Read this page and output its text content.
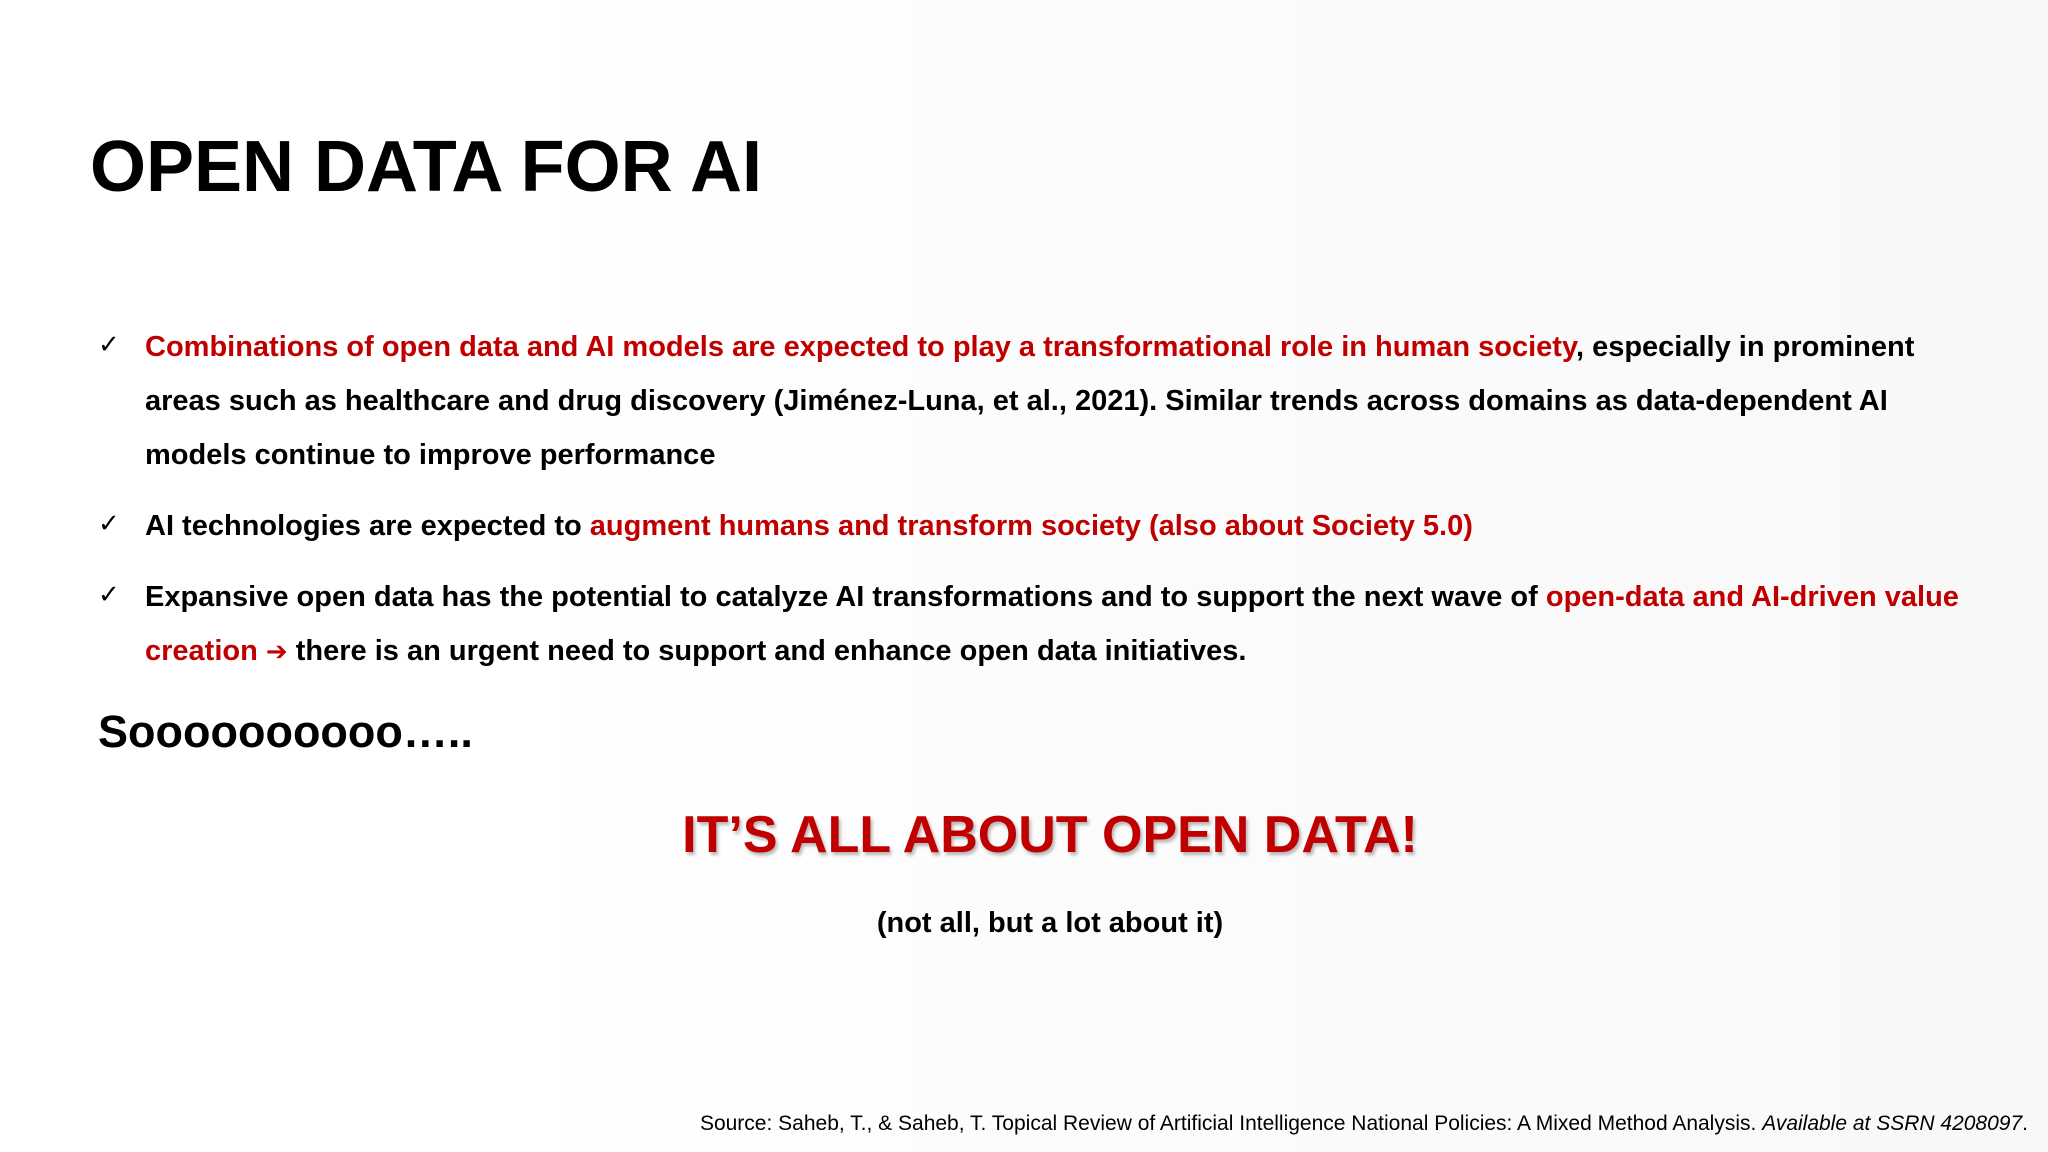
OPEN DATA FOR AI
✓ Combinations of open data and AI models are expected to play a transformational role in human society, especially in prominent areas such as healthcare and drug discovery (Jiménez-Luna, et al., 2021). Similar trends across domains as data-dependent AI models continue to improve performance
✓ AI technologies are expected to augment humans and transform society (also about Society 5.0)
✓ Expansive open data has the potential to catalyze AI transformations and to support the next wave of open-data and AI-driven value creation ➔ there is an urgent need to support and enhance open data initiatives.

Soooooooooo…..

IT’S ALL ABOUT OPEN DATA!

(not all, but a lot about it)

Source: Saheb, T., & Saheb, T. Topical Review of Artificial Intelligence National Policies: A Mixed Method Analysis. Available at SSRN 4208097.
